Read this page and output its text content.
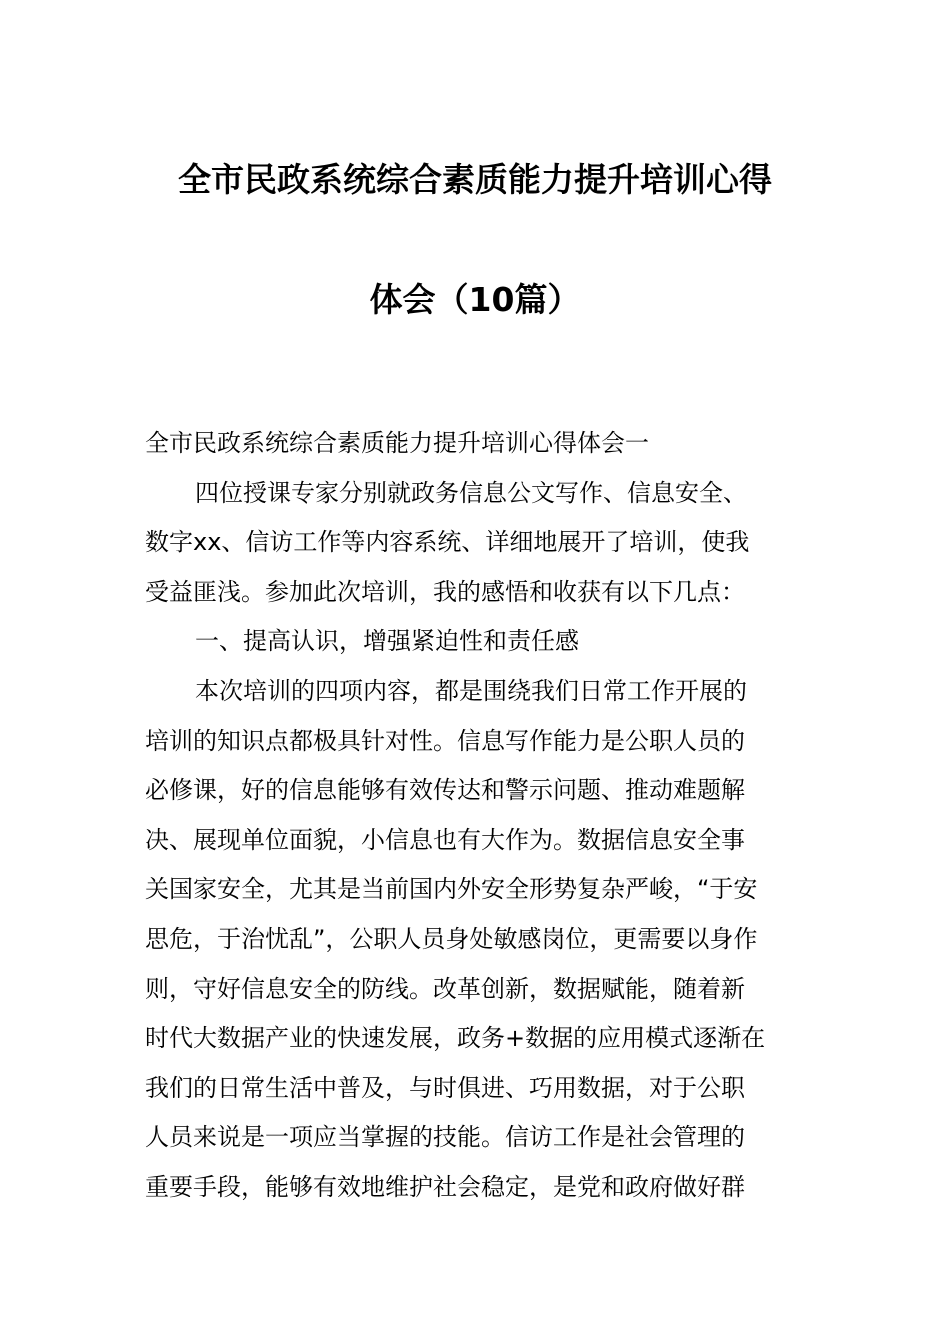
全市民政系统综合素质能力提升培训心得
体会（10篇）
全市民政系统综合素质能力提升培训心得体会一
四位授课专家分别就政务信息公文写作、信息安全、
数字xx、信访工作等内容系统、详细地展开了培训，使我
受益匪浅。参加此次培训，我的感悟和收获有以下几点：
一、提高认识，增强紧迫性和责任感
本次培训的四项内容，都是围绕我们日常工作开展的
培训的知识点都极具针对性。信息写作能力是公职人员的
必修课，好的信息能够有效传达和警示问题、推动难题解
决、展现单位面貌，小信息也有大作为。数据信息安全事
关国家安全，尤其是当前国内外安全形势复杂严峻，“于安
思危，于治忧乱”，公职人员身处敏感岗位，更需要以身作
则，守好信息安全的防线。改革创新，数据赋能，随着新
时代大数据产业的快速发展，政务+数据的应用模式逐渐在
我们的日常生活中普及，与时俱进、巧用数据，对于公职
人员来说是一项应当掌握的技能。信访工作是社会管理的
重要手段，能够有效地维护社会稳定，是党和政府做好群
